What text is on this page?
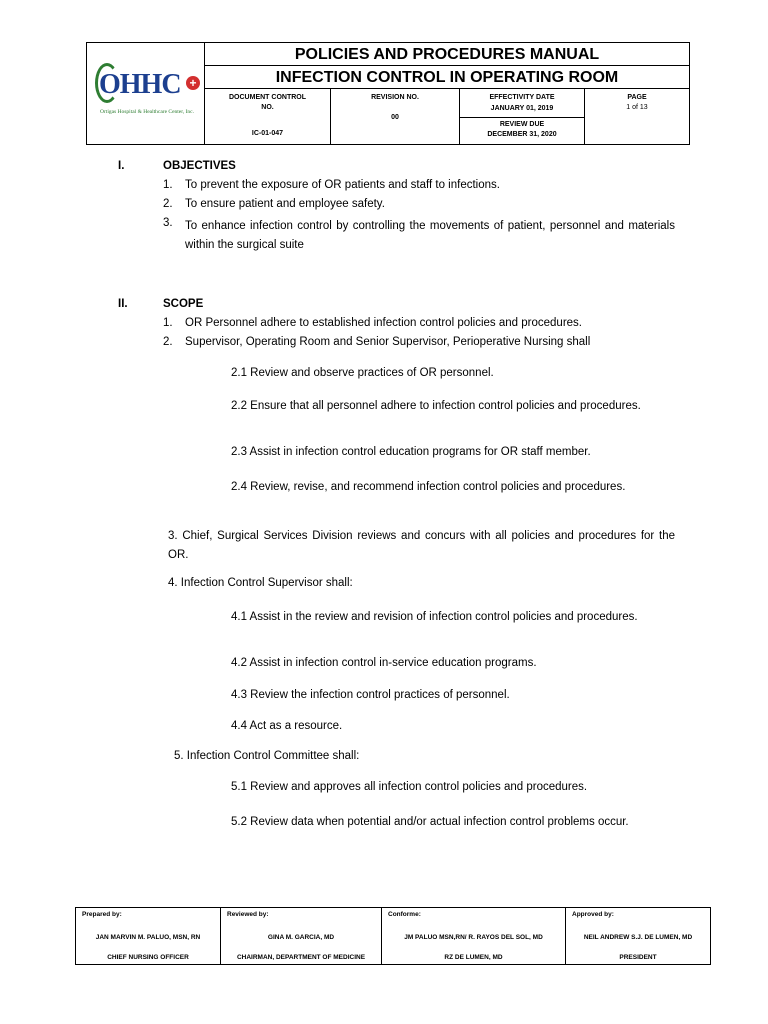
OHHC +
Ortigas Hospital & Healthcare Center, Inc.
POLICIES AND PROCEDURES MANUAL
INFECTION CONTROL IN OPERATING ROOM
DOCUMENT CONTROL NO.
IC-01-047
REVISION NO.
00
EFFECTIVITY DATE
JANUARY 01, 2019
REVIEW DUE
DECEMBER 31, 2020
PAGE
1 of 13
I.	OBJECTIVES
1. To prevent the exposure of OR patients and staff to infections.
2. To ensure patient and employee safety.
3. To enhance infection control by controlling the movements of patient, personnel and materials within the surgical suite
II.	SCOPE
1. OR Personnel adhere to established infection control policies and procedures.
2. Supervisor, Operating Room and Senior Supervisor, Perioperative Nursing shall
2.1 Review and observe practices of OR personnel.
2.2 Ensure that all personnel adhere to infection control policies and procedures.
2.3 Assist in infection control education programs for OR staff member.
2.4 Review, revise, and recommend infection control policies and procedures.
3. Chief, Surgical Services Division reviews and concurs with all policies and procedures for the OR.
4. Infection Control Supervisor shall:
4.1 Assist in the review and revision of infection control policies and procedures.
4.2 Assist in infection control in-service education programs.
4.3 Review the infection control practices of personnel.
4.4 Act as a resource.
5. Infection Control Committee shall:
5.1 Review and approves all infection control policies and procedures.
5.2 Review data when potential and/or actual infection control problems occur.
Prepared by:
JAN MARVIN M. PALUO, MSN, RN
CHIEF NURSING OFFICER
Reviewed by:
GINA M. GARCIA, MD
CHAIRMAN, DEPARTMENT OF MEDICINE
Conforme:
JM PALUO MSN,RN/ R. RAYOS DEL SOL, MD
RZ DE LUMEN, MD
Approved by:
NEIL ANDREW S.J. DE LUMEN, MD
PRESIDENT
